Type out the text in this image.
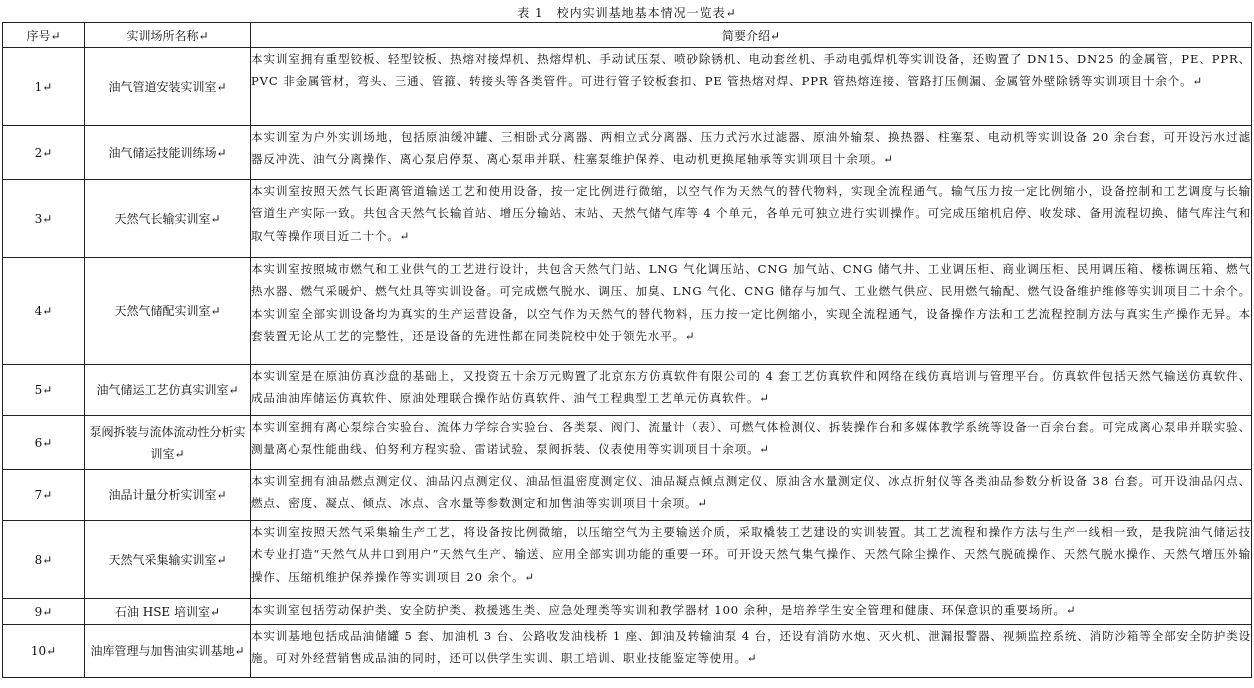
表 1　校内实训基地基本情况一览表↵
序号↵	实训场所名称↵	简要介绍↵
1↵	油气管道安装实训室↵	本实训室拥有重型铰板、轻型铰板、热熔对接焊机、热熔焊机、手动试压泵、喷砂除锈机、电动套丝机、手动电弧焊机等实训设备，还购置了 DN15、DN25 的金属管，PE、PPR、PVC 非金属管材，弯头、三通、管箍、转接头等各类管件。可进行管子铰板套扣、PE 管热熔对焊、PPR 管热熔连接、管路打压侧漏、金属管外壁除锈等实训项目十余个。↵
2↵	油气储运技能训练场↵	本实训室为户外实训场地，包括原油缓冲罐、三相卧式分离器、两相立式分离器、压力式污水过滤器、原油外输泵、换热器、柱塞泵、电动机等实训设备 20 余台套，可开设污水过滤器反冲洗、油气分离操作、离心泵启停泵、离心泵串并联、柱塞泵维护保养、电动机更换尾轴承等实训项目十余项。↵
3↵	天然气长输实训室↵	本实训室按照天然气长距离管道输送工艺和使用设备，按一定比例进行微缩，以空气作为天然气的替代物料，实现全流程通气。输气压力按一定比例缩小，设备控制和工艺调度与长输管道生产实际一致。共包含天然气长输首站、增压分输站、末站、天然气储气库等 4 个单元，各单元可独立进行实训操作。可完成压缩机启停、收发球、备用流程切换、储气库注气和取气等操作项目近二十个。↵
4↵	天然气储配实训室↵	本实训室按照城市燃气和工业供气的工艺进行设计，共包含天然气门站、LNG 气化调压站、CNG 加气站、CNG 储气井、工业调压柜、商业调压柜、民用调压箱、楼栋调压箱、燃气热水器、燃气采暖炉、燃气灶具等实训设备。可完成燃气脱水、调压、加臭、LNG 气化、CNG 储存与加气、工业燃气供应、民用燃气输配、燃气设备维护维修等实训项目二十余个。本实训室全部实训设备均为真实的生产运营设备，以空气作为天然气的替代物料，压力按一定比例缩小，实现全流程通气，设备操作方法和工艺流程控制方法与真实生产操作无异。本套装置无论从工艺的完整性，还是设备的先进性都在同类院校中处于领先水平。↵
5↵	油气储运工艺仿真实训室↵	本实训室是在原油仿真沙盘的基础上，又投资五十余万元购置了北京东方仿真软件有限公司的 4 套工艺仿真软件和网络在线仿真培训与管理平台。仿真软件包括天然气输送仿真软件、成品油油库储运仿真软件、原油处理联合操作站仿真软件、油气工程典型工艺单元仿真软件。↵
6↵	泵阀拆装与流体流动性分析实训室↵	本实训室拥有离心泵综合实验台、流体力学综合实验台、各类泵、阀门、流量计（表）、可燃气体检测仪、拆装操作台和多媒体教学系统等设备一百余台套。可完成离心泵串并联实验、测量离心泵性能曲线、伯努利方程实验、雷诺试验、泵阀拆装、仪表使用等实训项目十余项。↵
7↵	油品计量分析实训室↵	本实训室拥有油品燃点测定仪、油品闪点测定仪、油品恒温密度测定仪、油品凝点倾点测定仪、原油含水量测定仪、冰点折射仪等各类油品参数分析设备 38 台套。可开设油品闪点、燃点、密度、凝点、倾点、冰点、含水量等参数测定和加售油等实训项目十余项。↵
8↵	天然气采集输实训室↵	本实训室按照天然气采集输生产工艺，将设备按比例微缩，以压缩空气为主要输送介质，采取橇装工艺建设的实训装置。其工艺流程和操作方法与生产一线相一致，是我院油气储运技术专业打造“天然气从井口到用户”天然气生产、输送、应用全部实训功能的重要一环。可开设天然气集气操作、天然气除尘操作、天然气脱硫操作、天然气脱水操作、天然气增压外输操作、压缩机维护保养操作等实训项目 20 余个。↵
9↵	石油 HSE 培训室↵	本实训室包括劳动保护类、安全防护类、救援逃生类、应急处理类等实训和教学器材 100 余种，是培养学生安全管理和健康、环保意识的重要场所。↵
10↵	油库管理与加售油实训基地↵	本实训基地包括成品油储罐 5 套、加油机 3 台、公路收发油栈桥 1 座、卸油及转输油泵 4 台，还设有消防水炮、灭火机、泄漏报警器、视频监控系统、消防沙箱等全部安全防护类设施。可对外经营销售成品油的同时，还可以供学生实训、职工培训、职业技能鉴定等使用。↵
